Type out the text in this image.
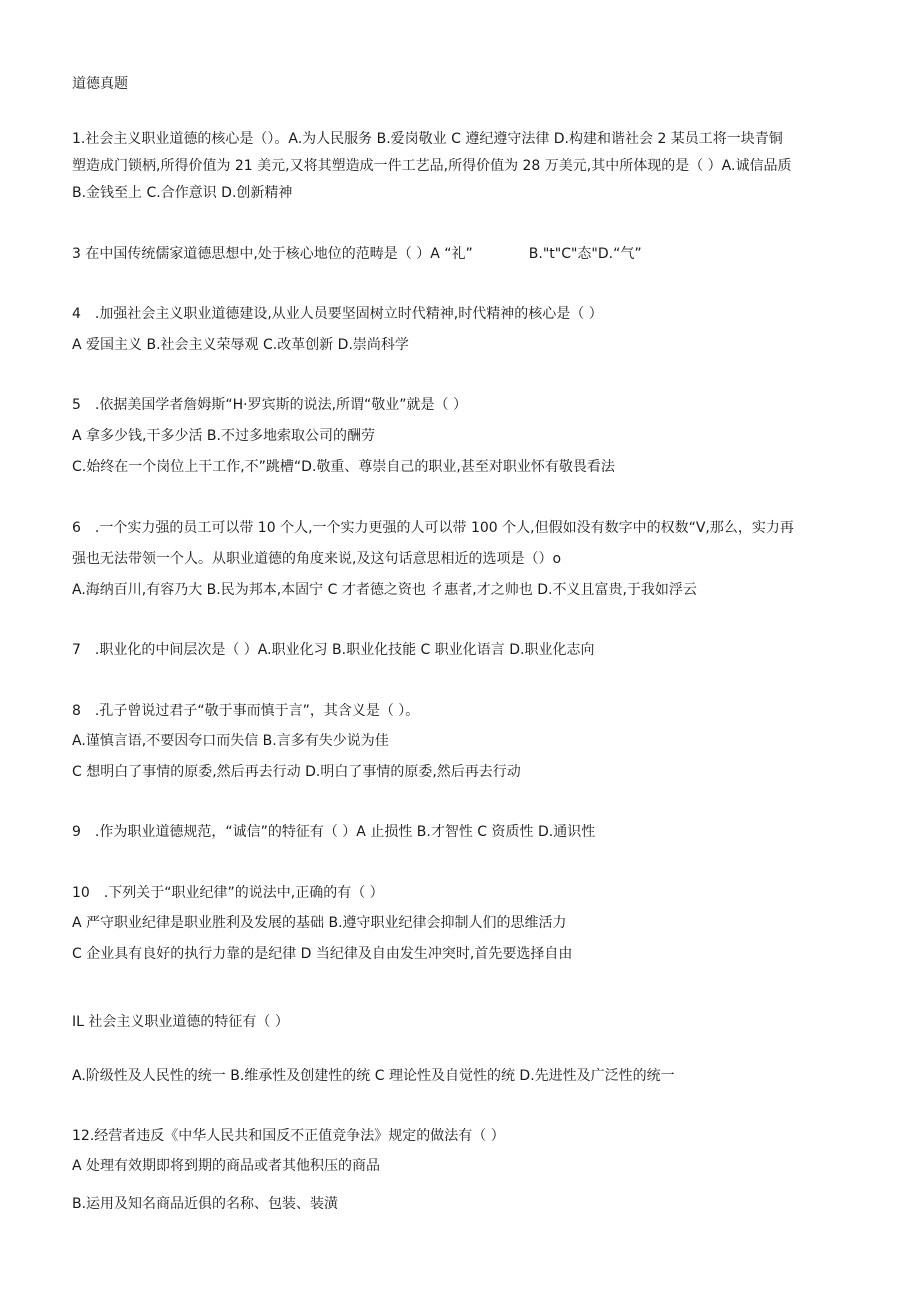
道德真题

1.社会主义职业道德的核心是（）。A.为人民服务 B.爱岗敬业 C 遵纪遵守法律 D.构建和谐社会 2 某员工将一块青铜

塑造成门锁柄,所得价值为 21 美元,又将其塑造成一件工艺品,所得价值为 28 万美元,其中所体现的是（ ）A.诚信品质

B.金钱至上 C.合作意识 D.创新精神

3 在中国传统儒家道德思想中,处于核心地位的范畴是（ ）A “礼”　　　　B."t"C"态"D.“气”

4　.加强社会主义职业道德建设,从业人员要坚固树立时代精神,时代精神的核心是（ ）

A 爱国主义 B.社会主义荣辱观 C.改革创新 D.崇尚科学

5　.依据美国学者詹姆斯“H·罗宾斯的说法,所谓“敬业”就是（ ）

A 拿多少钱,干多少活 B.不过多地索取公司的酬劳

C.始终在一个岗位上干工作,不”跳槽“D.敬重、尊崇自己的职业,甚至对职业怀有敬畏看法

6　.一个实力强的员工可以带 10 个人,一个实力更强的人可以带 100 个人,但假如没有数字中的权数“V,那么，实力再

强也无法带领一个人。从职业道德的角度来说,及这句话意思相近的选项是（）o

A.海纳百川,有容乃大 B.民为邦本,本固宁 C 才者德之资也 彳惠者,才之帅也 D.不义且富贵,于我如浮云

7　.职业化的中间层次是（ ）A.职业化习 B.职业化技能 C 职业化语言 D.职业化志向

8　.孔子曾说过君子“敬于事而慎于言”，其含义是（ ）。

A.谨慎言语,不要因夸口而失信 B.言多有失少说为佳

C 想明白了事情的原委,然后再去行动 D.明白了事情的原委,然后再去行动

9　.作为职业道德规范，“诚信”的特征有（ ）A 止损性 B.才智性 C 资质性 D.通识性

10　.下列关于“职业纪律”的说法中,正确的有（ ）

A 严守职业纪律是职业胜利及发展的基础 B.遵守职业纪律会抑制人们的思维活力

C 企业具有良好的执行力靠的是纪律 D 当纪律及自由发生冲突时,首先要选择自由

IL 社会主义职业道德的特征有（ ）

A.阶级性及人民性的统一 B.维承性及创建性的统 C 理论性及自觉性的统 D.先进性及广泛性的统一

12.经营者违反《中华人民共和国反不正值竞争法》规定的做法有（ ）

A 处理有效期即将到期的商品或者其他积压的商品

B.运用及知名商品近俱的名称、包装、装潢
